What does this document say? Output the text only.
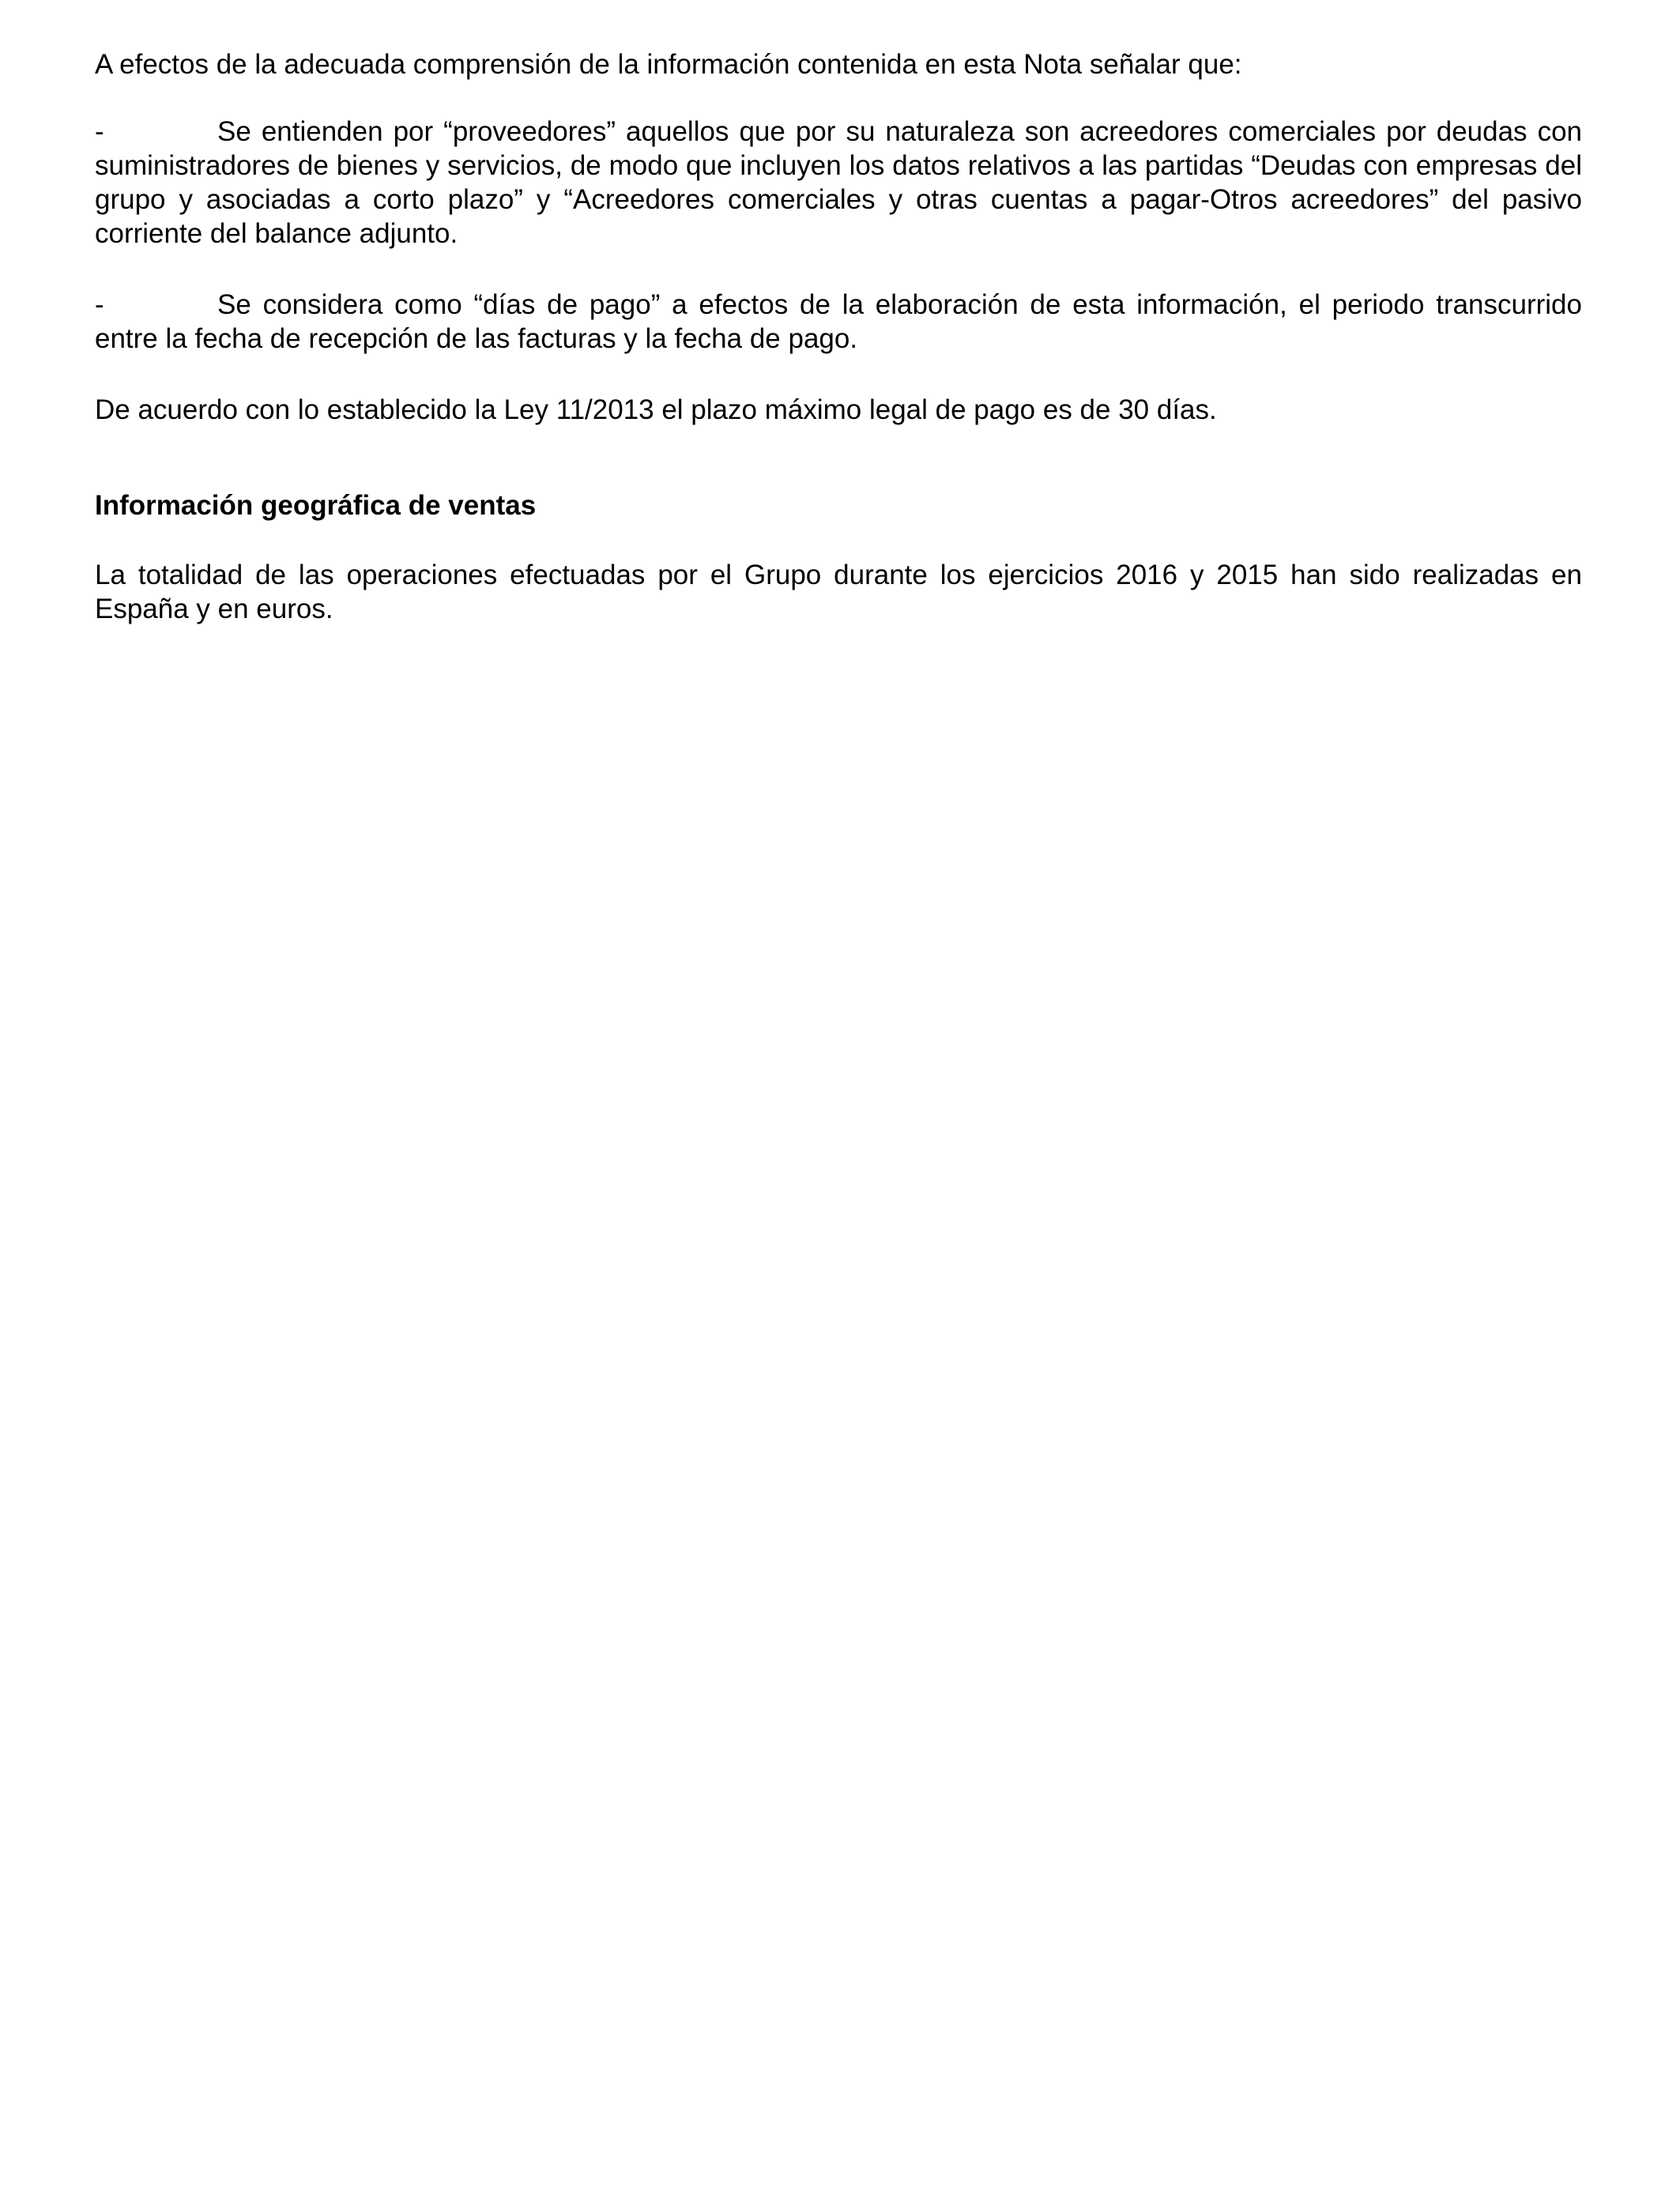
A efectos de la adecuada comprensión de la información contenida en esta Nota señalar que:

-	Se entienden por “proveedores” aquellos que por su naturaleza son acreedores comerciales por deudas con suministradores de bienes y servicios, de modo que incluyen los datos relativos a las partidas “Deudas con empresas del grupo y asociadas a corto plazo” y “Acreedores comerciales y otras cuentas a pagar-Otros acreedores” del pasivo corriente del balance adjunto.

-	Se considera como “días de pago” a efectos de la elaboración de esta información, el periodo transcurrido entre la fecha de recepción de las facturas y la fecha de pago.

De acuerdo con lo establecido la Ley 11/2013 el plazo máximo legal de pago es de 30 días.

Información geográfica de ventas

La totalidad de las operaciones efectuadas por el Grupo durante los ejercicios 2016 y 2015 han sido realizadas en España y en euros.
